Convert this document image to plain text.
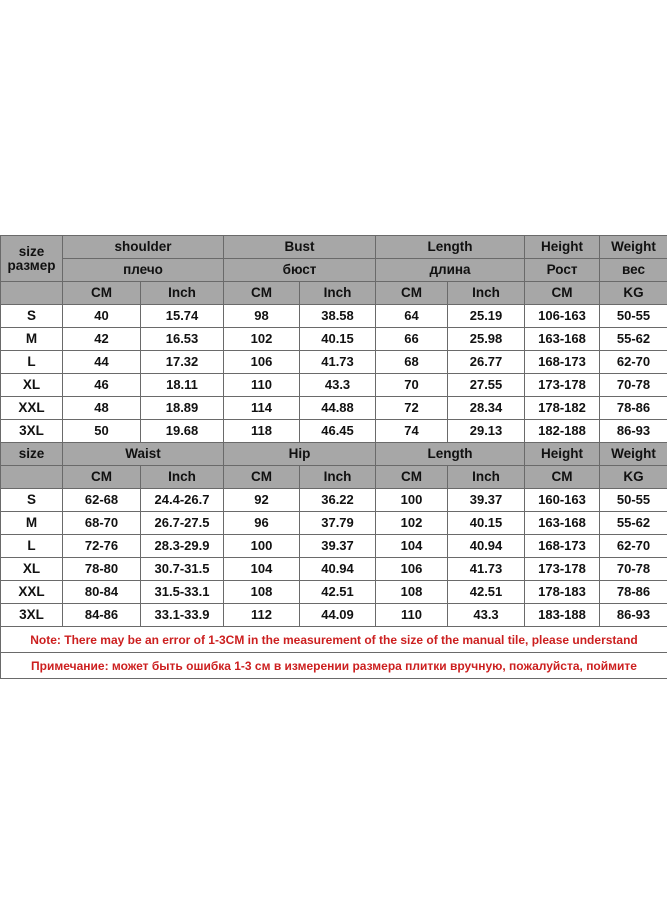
size
размер	shoulder		Bust		Length		Height	Weight
	плечо		бюст		длина		Рост	вес
	CM	Inch	CM	Inch	CM	Inch	CM	KG
S	40	15.74	98	38.58	64	25.19	106-163	50-55
M	42	16.53	102	40.15	66	25.98	163-168	55-62
L	44	17.32	106	41.73	68	26.77	168-173	62-70
XL	46	18.11	110	43.3	70	27.55	173-178	70-78
XXL	48	18.89	114	44.88	72	28.34	178-182	78-86
3XL	50	19.68	118	46.45	74	29.13	182-188	86-93
size	Waist		Hip		Length		Height	Weight
	CM	Inch	CM	Inch	CM	Inch	CM	KG
S	62-68	24.4-26.7	92	36.22	100	39.37	160-163	50-55
M	68-70	26.7-27.5	96	37.79	102	40.15	163-168	55-62
L	72-76	28.3-29.9	100	39.37	104	40.94	168-173	62-70
XL	78-80	30.7-31.5	104	40.94	106	41.73	173-178	70-78
XXL	80-84	31.5-33.1	108	42.51	108	42.51	178-183	78-86
3XL	84-86	33.1-33.9	112	44.09	110	43.3	183-188	86-93
Note: There may be an error of 1-3CM in the measurement of the size of the manual tile, please understand								
Примечание: может быть ошибка 1-3 см в измерении размера плитки вручную, пожалуйста, поймите								
